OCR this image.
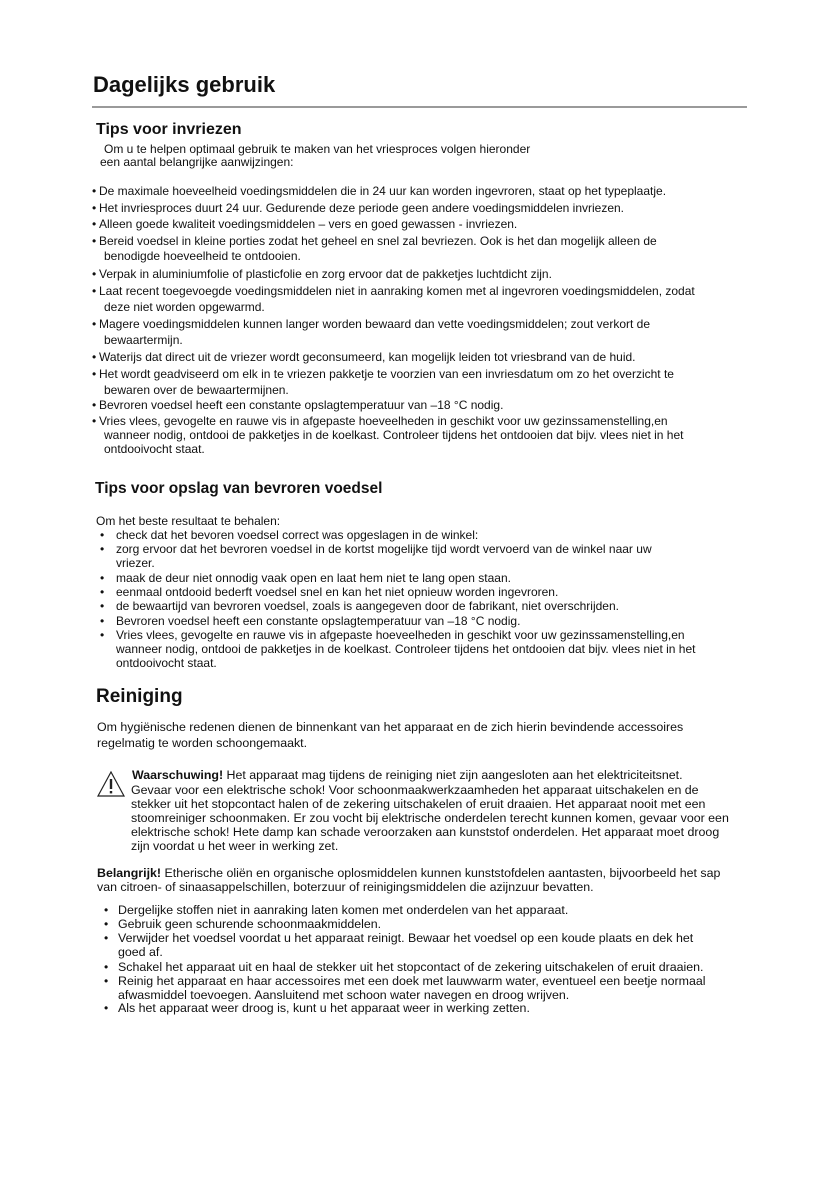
Dagelijks gebruik
Tips voor invriezen
Tips voor opslag van bevroren voedsel
Reiniging
Om u te helpen optimaal gebruik te maken van het vriesproces volgen hieronder
een aantal belangrijke aanwijzingen:
• De maximale hoeveelheid voedingsmiddelen die in 24 uur kan worden ingevroren, staat op het typeplaatje.
• Het invriesproces duurt 24 uur. Gedurende deze periode geen andere voedingsmiddelen invriezen.
• Alleen goede kwaliteit voedingsmiddelen – vers en goed gewassen - invriezen.
• Bereid voedsel in kleine porties zodat het geheel en snel zal bevriezen. Ook is het dan mogelijk alleen de
benodigde hoeveelheid te ontdooien.
• Verpak in aluminiumfolie of plasticfolie en zorg ervoor dat de pakketjes luchtdicht zijn.
• Laat recent toegevoegde voedingsmiddelen niet in aanraking komen met al ingevroren voedingsmiddelen, zodat
deze niet worden opgewarmd.
• Magere voedingsmiddelen kunnen langer worden bewaard dan vette voedingsmiddelen; zout verkort de
bewaartermijn.
• Waterijs dat direct uit de vriezer wordt geconsumeerd, kan mogelijk leiden tot vriesbrand van de huid.
• Het wordt geadviseerd om elk in te vriezen pakketje te voorzien van een invriesdatum om zo het overzicht te
bewaren over de bewaartermijnen.
• Bevroren voedsel heeft een constante opslagtemperatuur van –18 °C nodig.
• Vries vlees, gevogelte en rauwe vis in afgepaste hoeveelheden in geschikt voor uw gezinssamenstelling,en
wanneer nodig, ontdooi de pakketjes in de koelkast. Controleer tijdens het ontdooien dat bijv. vlees niet in het
ontdooivocht staat.
Om het beste resultaat te behalen:
• check dat het bevoren voedsel correct was opgeslagen in de winkel:
• zorg ervoor dat het bevroren voedsel in de kortst mogelijke tijd wordt vervoerd van de winkel naar uw
vriezer.
• maak de deur niet onnodig vaak open en laat hem niet te lang open staan.
• eenmaal ontdooid bederft voedsel snel en kan het niet opnieuw worden ingevroren.
• de bewaartijd van bevroren voedsel, zoals is aangegeven door de fabrikant, niet overschrijden.
• Bevroren voedsel heeft een constante opslagtemperatuur van –18 °C nodig.
• Vries vlees, gevogelte en rauwe vis in afgepaste hoeveelheden in geschikt voor uw gezinssamenstelling,en
wanneer nodig, ontdooi de pakketjes in de koelkast. Controleer tijdens het ontdooien dat bijv. vlees niet in het
ontdooivocht staat.
Om hygiënische redenen dienen de binnenkant van het apparaat en de zich hierin bevindende accessoires
regelmatig te worden schoongemaakt.
Waarschuwing! Het apparaat mag tijdens de reiniging niet zijn aangesloten aan het elektriciteitsnet.
Gevaar voor een elektrische schok! Voor schoonmaakwerkzaamheden het apparaat uitschakelen en de
stekker uit het stopcontact halen of de zekering uitschakelen of eruit draaien. Het apparaat nooit met een
stoomreiniger schoonmaken. Er zou vocht bij elektrische onderdelen terecht kunnen komen, gevaar voor een
elektrische schok! Hete damp kan schade veroorzaken aan kunststof onderdelen. Het apparaat moet droog
zijn voordat u het weer in werking zet.
Belangrijk! Etherische oliën en organische oplosmiddelen kunnen kunststofdelen aantasten, bijvoorbeeld het sap
van citroen- of sinaasappelschillen, boterzuur of reinigingsmiddelen die azijnzuur bevatten.
• Dergelijke stoffen niet in aanraking laten komen met onderdelen van het apparaat.
• Gebruik geen schurende schoonmaakmiddelen.
• Verwijder het voedsel voordat u het apparaat reinigt. Bewaar het voedsel op een koude plaats en dek het
goed af.
• Schakel het apparaat uit en haal de stekker uit het stopcontact of de zekering uitschakelen of eruit draaien.
• Reinig het apparaat en haar accessoires met een doek met lauwwarm water, eventueel een beetje normaal
afwasmiddel toevoegen. Aansluitend met schoon water navegen en droog wrijven.
• Als het apparaat weer droog is, kunt u het apparaat weer in werking zetten.
